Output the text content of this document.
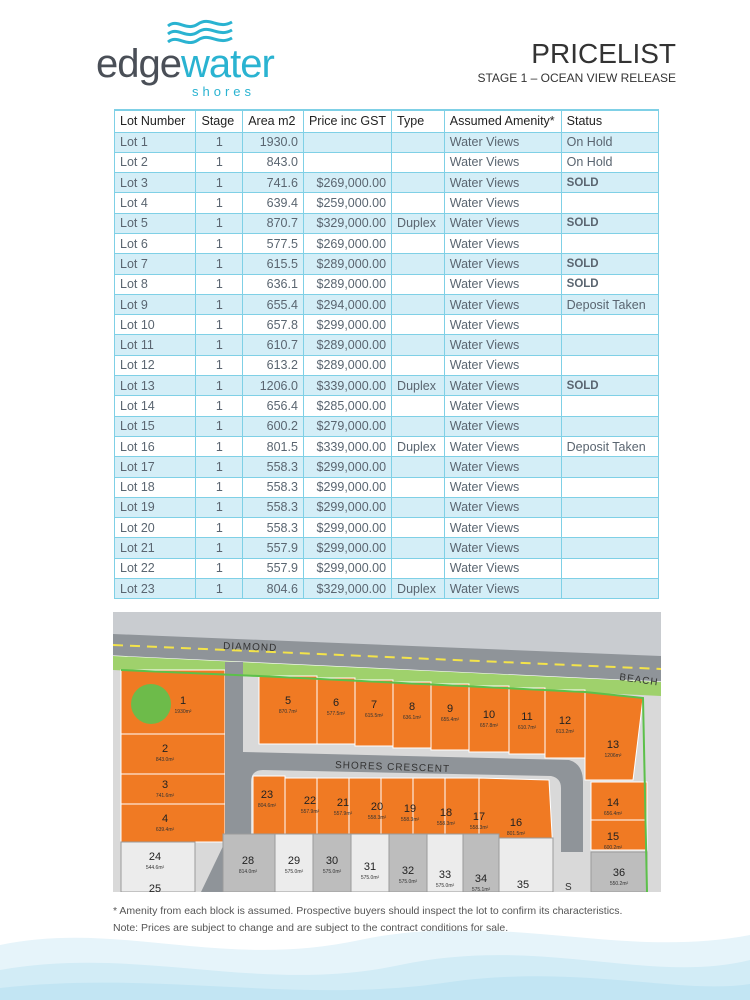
edgewater
shores
PRICELIST
STAGE 1 – OCEAN VIEW RELEASE
Lot Number	Stage	Area m2	Price inc GST	Type	Assumed Amenity*	Status
Lot 1	1	1930.0			Water Views	On Hold
Lot 2	1	843.0			Water Views	On Hold
Lot 3	1	741.6	$269,000.00		Water Views	SOLD
Lot 4	1	639.4	$259,000.00		Water Views	
Lot 5	1	870.7	$329,000.00	Duplex	Water Views	SOLD
Lot 6	1	577.5	$269,000.00		Water Views	
Lot 7	1	615.5	$289,000.00		Water Views	SOLD
Lot 8	1	636.1	$289,000.00		Water Views	SOLD
Lot 9	1	655.4	$294,000.00		Water Views	Deposit Taken
Lot 10	1	657.8	$299,000.00		Water Views	
Lot 11	1	610.7	$289,000.00		Water Views	
Lot 12	1	613.2	$289,000.00		Water Views	
Lot 13	1	1206.0	$339,000.00	Duplex	Water Views	SOLD
Lot 14	1	656.4	$285,000.00		Water Views	
Lot 15	1	600.2	$279,000.00		Water Views	
Lot 16	1	801.5	$339,000.00	Duplex	Water Views	Deposit Taken
Lot 17	1	558.3	$299,000.00		Water Views	
Lot 18	1	558.3	$299,000.00		Water Views	
Lot 19	1	558.3	$299,000.00		Water Views	
Lot 20	1	558.3	$299,000.00		Water Views	
Lot 21	1	557.9	$299,000.00		Water Views	
Lot 22	1	557.9	$299,000.00		Water Views	
Lot 23	1	804.6	$329,000.00	Duplex	Water Views	
DIAMOND
BEACH
SHORES CRESCENT
S
1
1930m²
2
843.0m²
3
741.6m²
4
639.4m²
5
870.7m²
6
577.5m²
7
615.5m²
8
636.1m²
9
655.4m² 10
657.8m²
11
610.7m²
12
613.2m²
13
1206m²
14
656.4m²
15
600.2m²
16
801.5m²
17
558.3m²
18
558.3m²
19
558.3m²
20
558.3m²
21
557.9m²
22
557.9m²
23
804.6m²
24
544.6m²
25
28
814.0m²
29
575.0m²
30
575.0m² 31
575.0m²
32
575.0m²
33
575.0m²
34
575.1m² 35
36
550.2m²
* Amenity from each block is assumed. Prospective buyers should inspect the lot to confirm its characteristics.
Note: Prices are subject to change and are subject to the contract conditions for sale.
